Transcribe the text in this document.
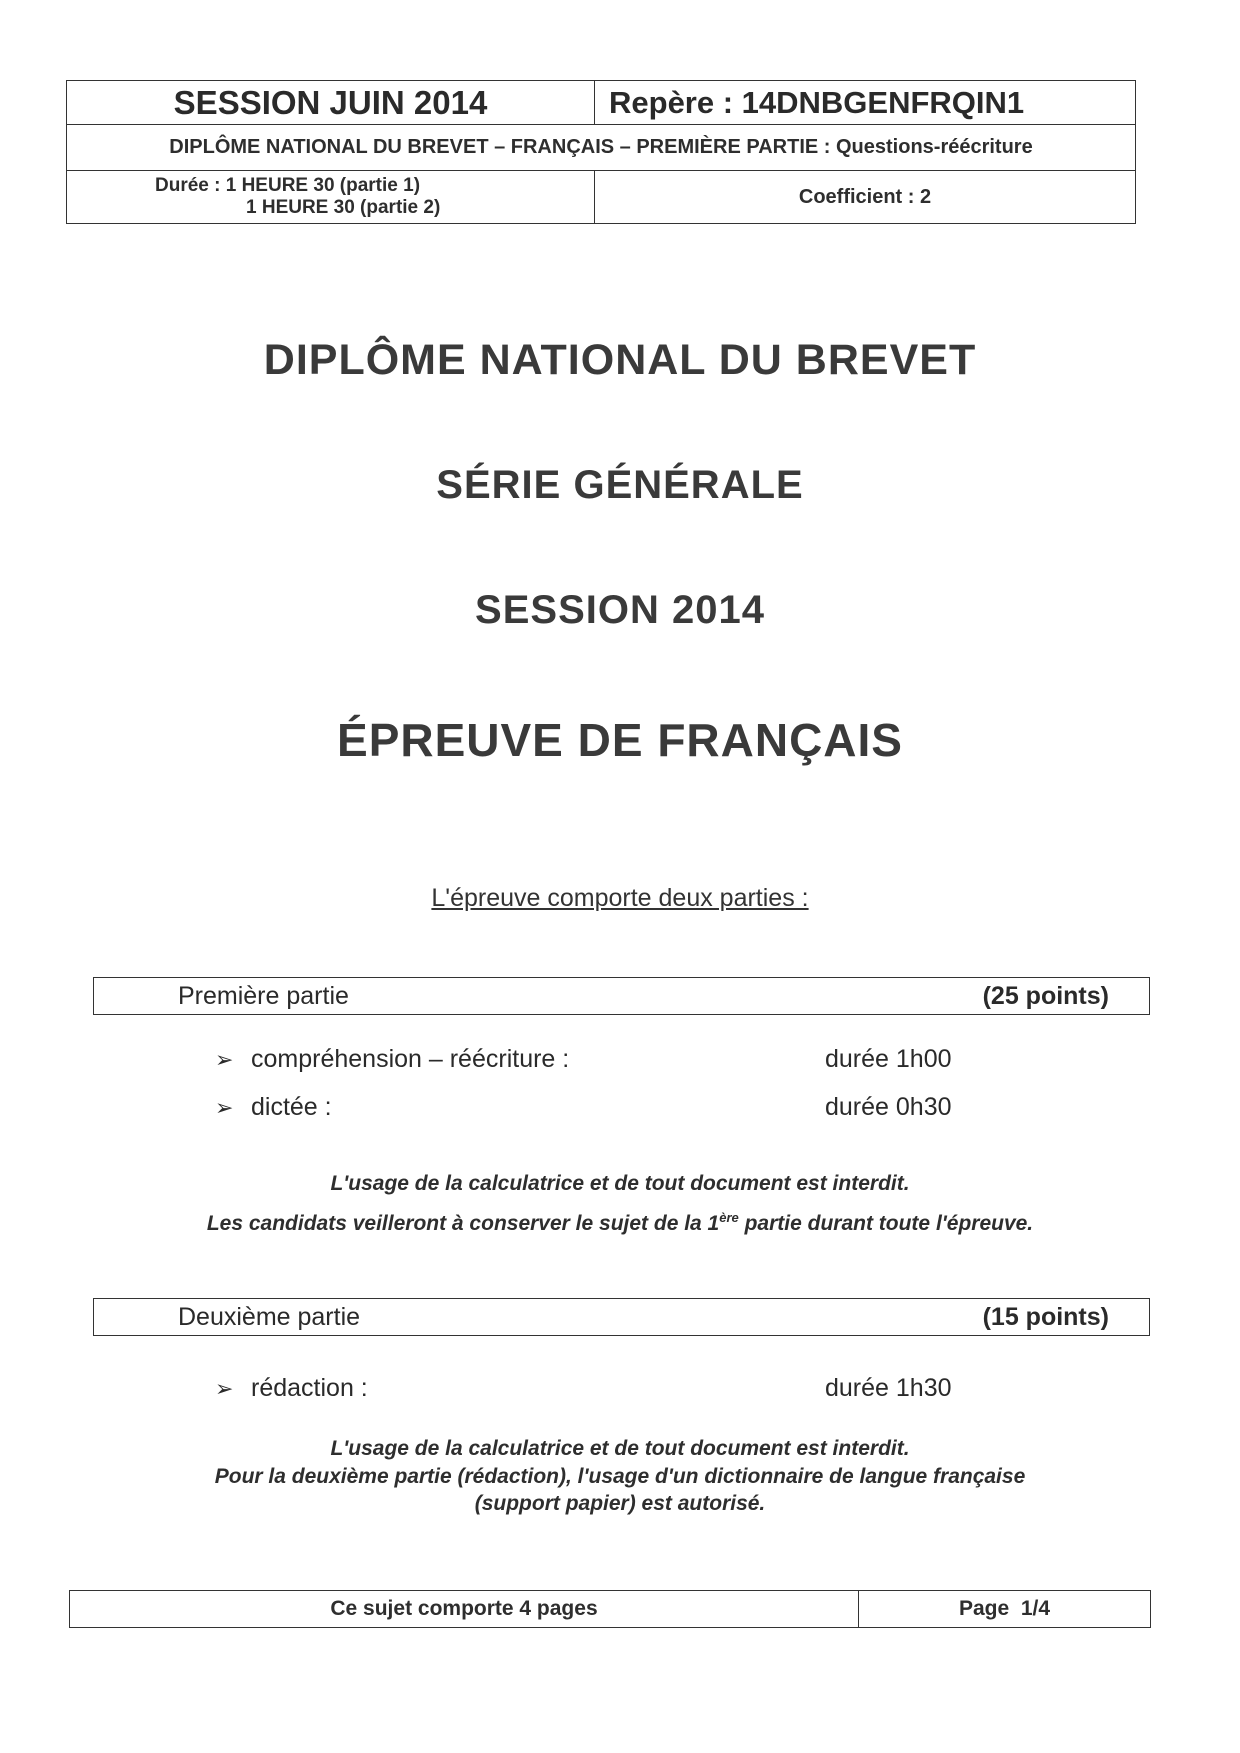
SESSION JUIN 2014	Repère : 14DNBGENFRQIN1
DIPLÔME NATIONAL DU BREVET – FRANÇAIS – PREMIÈRE PARTIE : Questions-réécriture
Durée : 1 HEURE 30 (partie 1)
1 HEURE 30 (partie 2)	Coefficient : 2
DIPLÔME NATIONAL DU BREVET
SÉRIE GÉNÉRALE
SESSION 2014
ÉPREUVE DE FRANÇAIS
L'épreuve comporte deux parties :
Première partie	(25 points)
➢ compréhension – réécriture :	durée 1h00
➢ dictée :	durée 0h30
L'usage de la calculatrice et de tout document est interdit.
Les candidats veilleront à conserver le sujet de la 1ère partie durant toute l'épreuve.
Deuxième partie	(15 points)
➢ rédaction :	durée 1h30
L'usage de la calculatrice et de tout document est interdit.
Pour la deuxième partie (rédaction), l'usage d'un dictionnaire de langue française
(support papier) est autorisé.
Ce sujet comporte 4 pages	Page  1/4
